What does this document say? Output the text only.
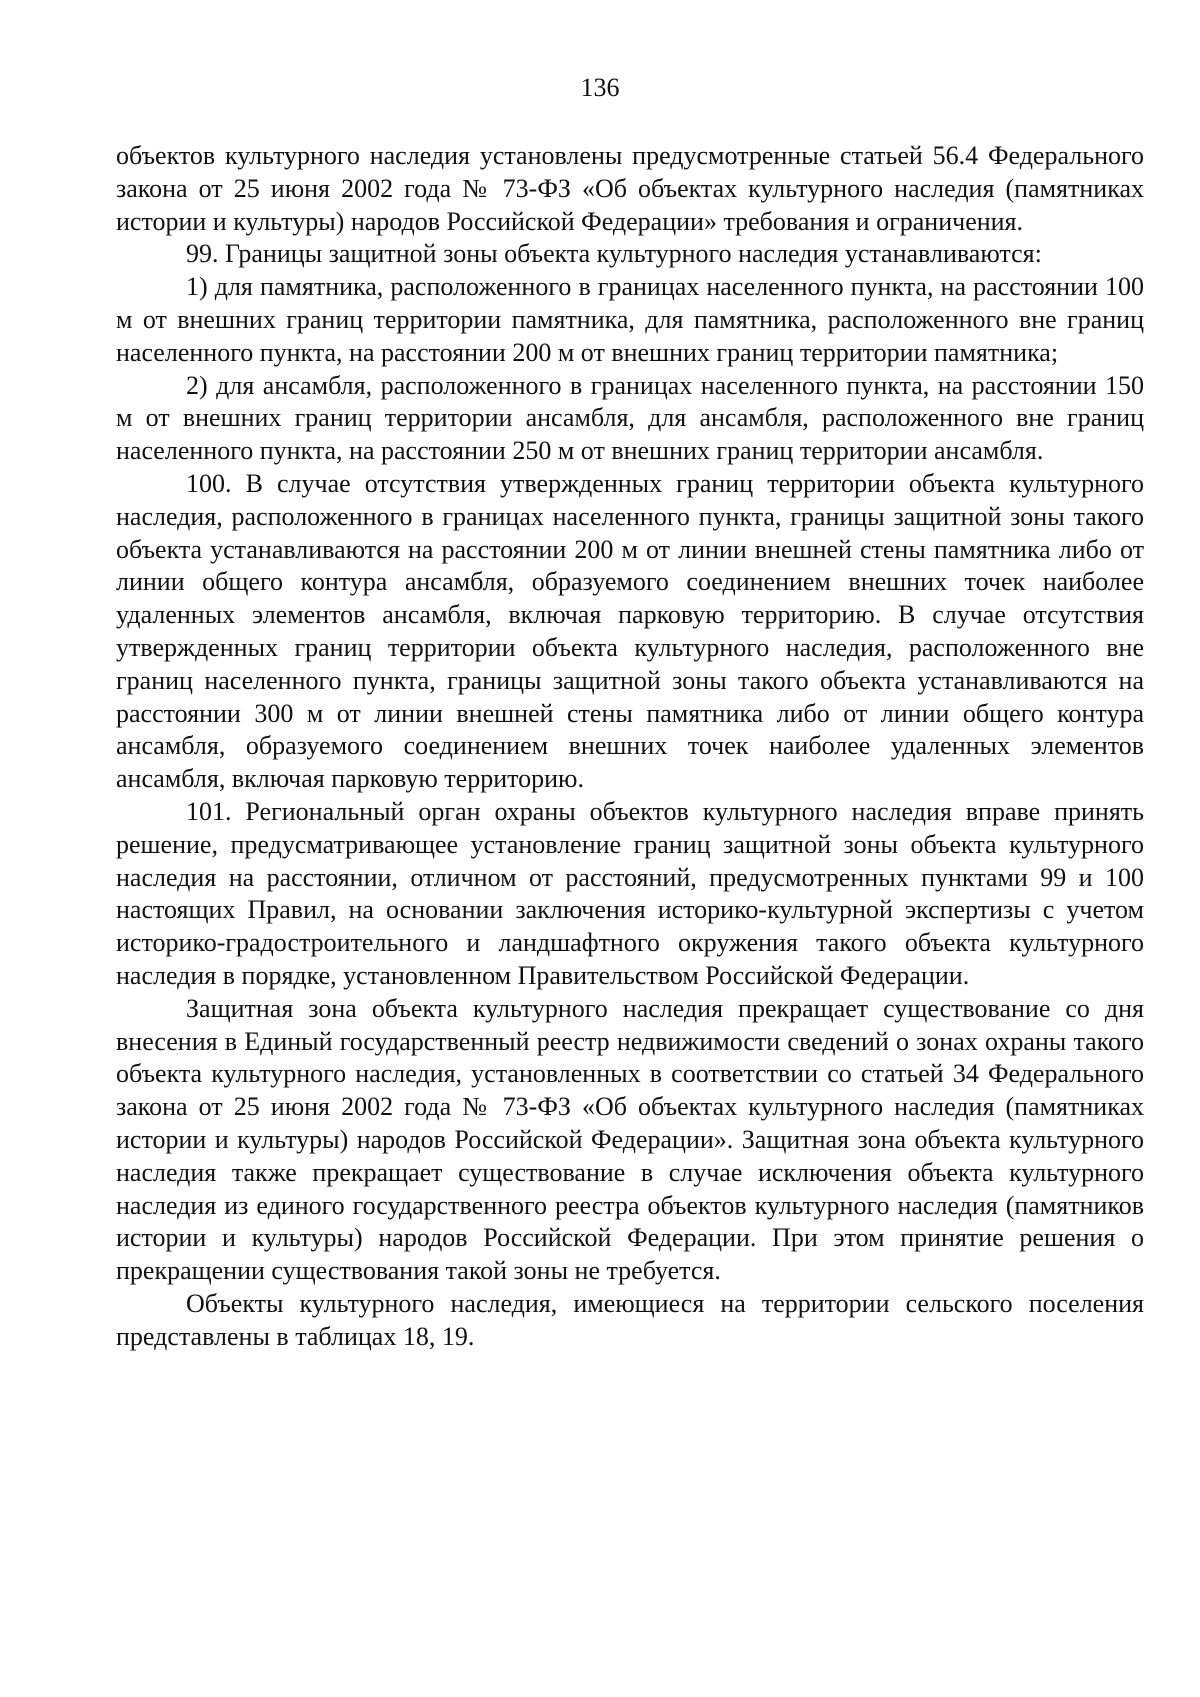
136

объектов культурного наследия установлены предусмотренные статьей 56.4 Федерального закона от 25 июня 2002 года № 73-ФЗ «Об объектах культурного наследия (памятниках истории и культуры) народов Российской Федерации» требования и ограничения.

99. Границы защитной зоны объекта культурного наследия устанавливаются:

1) для памятника, расположенного в границах населенного пункта, на расстоянии 100 м от внешних границ территории памятника, для памятника, расположенного вне границ населенного пункта, на расстоянии 200 м от внешних границ территории памятника;

2) для ансамбля, расположенного в границах населенного пункта, на расстоянии 150 м от внешних границ территории ансамбля, для ансамбля, расположенного вне границ населенного пункта, на расстоянии 250 м от внешних границ территории ансамбля.

100. В случае отсутствия утвержденных границ территории объекта культурного наследия, расположенного в границах населенного пункта, границы защитной зоны такого объекта устанавливаются на расстоянии 200 м от линии внешней стены памятника либо от линии общего контура ансамбля, образуемого соединением внешних точек наиболее удаленных элементов ансамбля, включая парковую территорию. В случае отсутствия утвержденных границ территории объекта культурного наследия, расположенного вне границ населенного пункта, границы защитной зоны такого объекта устанавливаются на расстоянии 300 м от линии внешней стены памятника либо от линии общего контура ансамбля, образуемого соединением внешних точек наиболее удаленных элементов ансамбля, включая парковую территорию.

101. Региональный орган охраны объектов культурного наследия вправе принять решение, предусматривающее установление границ защитной зоны объекта культурного наследия на расстоянии, отличном от расстояний, предусмотренных пунктами 99 и 100 настоящих Правил, на основании заключения историко-культурной экспертизы с учетом историко-градостроительного и ландшафтного окружения такого объекта культурного наследия в порядке, установленном Правительством Российской Федерации.

Защитная зона объекта культурного наследия прекращает существование со дня внесения в Единый государственный реестр недвижимости сведений о зонах охраны такого объекта культурного наследия, установленных в соответствии со статьей 34 Федерального закона от 25 июня 2002 года № 73-ФЗ «Об объектах культурного наследия (памятниках истории и культуры) народов Российской Федерации». Защитная зона объекта культурного наследия также прекращает существование в случае исключения объекта культурного наследия из единого государственного реестра объектов культурного наследия (памятников истории и культуры) народов Российской Федерации. При этом принятие решения о прекращении существования такой зоны не требуется.

Объекты культурного наследия, имеющиеся на территории сельского поселения представлены в таблицах 18, 19.
